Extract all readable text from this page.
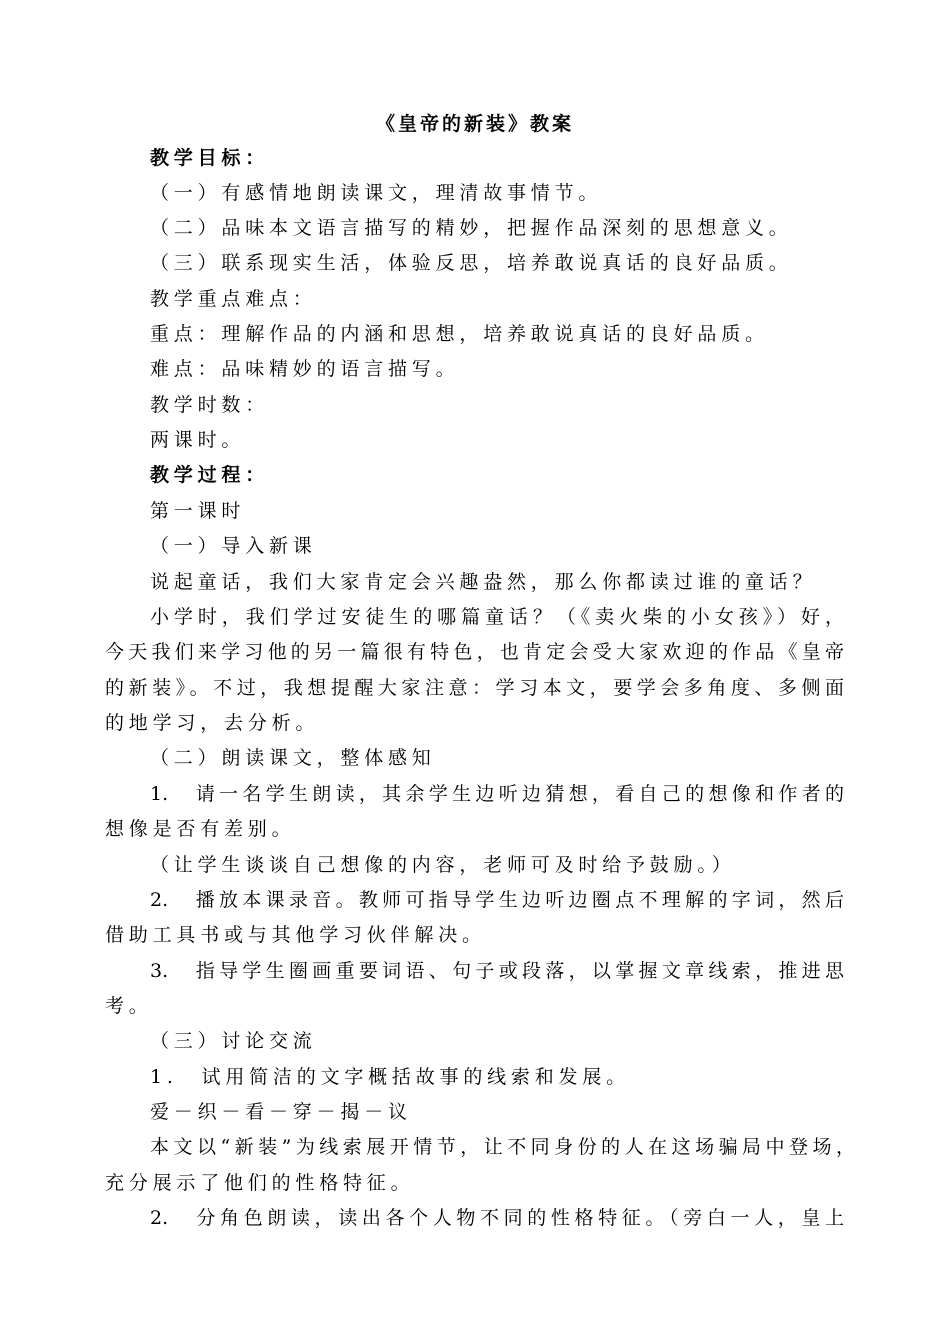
《皇帝的新装》教案
教学目标：
（一）有感情地朗读课文，理清故事情节。
（二）品味本文语言描写的精妙，把握作品深刻的思想意义。
（三）联系现实生活，体验反思，培养敢说真话的良好品质。
教学重点难点：
重点：理解作品的内涵和思想，培养敢说真话的良好品质。
难点：品味精妙的语言描写。
教学时数：
两课时。
教学过程：
第一课时
（一）导入新课
说起童话，我们大家肯定会兴趣盎然，那么你都读过谁的童话？
小学时，我们学过安徒生的哪篇童话？（《卖火柴的小女孩》）好，
今天我们来学习他的另一篇很有特色，也肯定会受大家欢迎的作品《皇帝
的新装》。不过，我想提醒大家注意：学习本文，要学会多角度、多侧面
的地学习，去分析。
（二）朗读课文，整体感知
1.　请一名学生朗读，其余学生边听边猜想，看自己的想像和作者的
想像是否有差别。
（让学生谈谈自己想像的内容，老师可及时给予鼓励。）
2.　播放本课录音。教师可指导学生边听边圈点不理解的字词，然后
借助工具书或与其他学习伙伴解决。
3.　指导学生圈画重要词语、句子或段落，以掌握文章线索，推进思
考。
（三）讨论交流
1.　试用简洁的文字概括故事的线索和发展。
爱－织－看－穿－揭－议
本文以“新装”为线索展开情节，让不同身份的人在这场骗局中登场，
充分展示了他们的性格特征。
2.　分角色朗读，读出各个人物不同的性格特征。（旁白一人，皇上
